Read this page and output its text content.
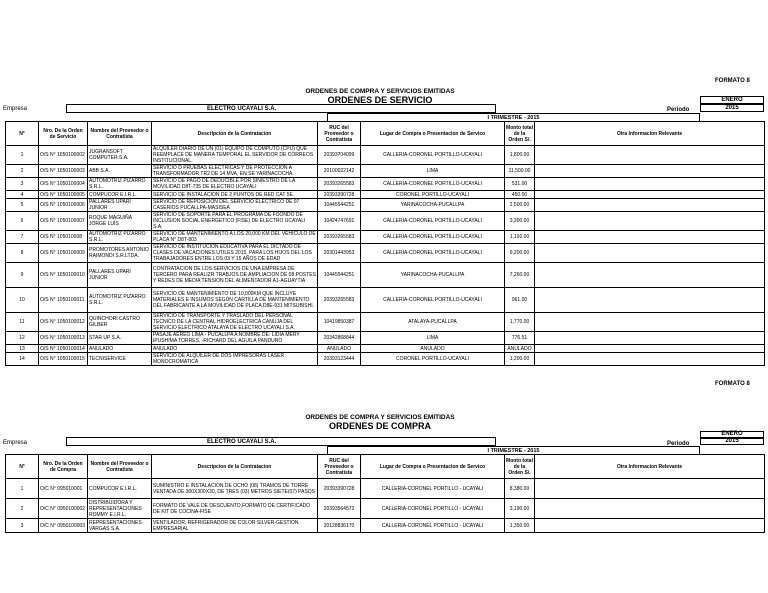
FORMATO 8
ORDENES DE COMPRA Y SERVICIOS EMITIDAS
ORDENES DE SERVICIO	ENERO
Empresa	ELECTRO UCAYALI S.A.	Periodo	2015
I TRIMESTRE - 2015
N°	Nro. De la Orden de Servicio	Nombre del Proveedor o Contratista	Descripcion de la Contratacion	RUC del Proveedor o Contratista	Lugar de Compra o Presentacion de Servico	Monto total de la Orden S/.	Otra Informacion Relevante
1	O/S N° 1050100002	JUGRANSOFT COMPUTER S.A.	ALQUILER DIARIO DE UN (01) EQUIPO DE COMPUTO (CPU) QUE REEMPLACE DE MANERA TEMPORAL EL SERVIDOR DE CORREOS INSTITUCIONAL.	20393704099	CALLERIA-CORONEL PORTILLO-UCAYALI	1,800.00	
2	O/S N° 1050100003	ABB S.A.	SERVICIO D PRUEBAS ELECTRICAS Y DE PROTECCION A TRANSFORMADOR TR2 DE 14 MVA, EN SE YARINACOCHA.	20100022142	LIMA	11,500.00	
3	O/S N° 1050100004	AUTOMOTRIZ PIZARRO S.R.L.	SERVICIO DE PAGO DE DEDUCIBLE POR SINIESTRO DE LA MOVILIDAD D8T-735 DE ELECTRO UCAYALI	20393265583	CALLERIA-CORONEL PORTILLO-UCAYALI	531.00	
4	O/S N° 1050100005	COMPUCOR E.I.R.L.	SERVICIO DE INSTALACION DE 2 PUNTOS DE RED CAT 5E.	20393390728	CORONEL PORTILLO-UCAYALI	450.00	
5	O/S N° 1050100006	PALLARES UPARI JUNIOR	SERVICIO DE REPOSICION DEL SERVICIO ELECTRICO DE 07 CASERIOS PUCALLPA-MASISEA	10445544251	YARINACOCHA-PUCALLPA	2,500.00	
6	O/S N° 1050100007	ROQUE MAGUIÑA JORGE LUIS	SERVICIO DE SOPORTE PARA EL PROGRAMA DE FOONDO DE INCLUSION SOCIAL ENERGETICO (FISE) DE ELECTRO UCAYALI S.A.	10424747691	CALLERIA-CORONEL PORTILLO-UCAYALI	3,300.00	
7	O/S N° 105010008	AUTOMOTRIZ PIZARRO S.R.L.	SERVICIO DE MANTENIMIENTO A LOS 20,000 KM DEL VEHICULO DE PLACA N° D8T-803	20393265583	CALLERIA-CORONEL PORTILLO-UCAYALI	1,192.00	
8	O/S N° 1050100009	PROMOTORES ANTONIO RAIMONDI S.R.LTDA.	SERVICIO DE INSTITUCION EDUCATIVA PARA EL DICTADO DE CLASES DE VACACIONES UTILES 2015, PARA LOS HIJOS DEL LOS TRABAJADORES ENTRE LOS 03 Y 15 AÑOS DE EDAD	20301443953	CALLERIA-CORONEL PORTILLO-UCAYALI	9,200.00	
9	O/S N° 1050100010	PALLARES UPARI JUNIOR	CONTRATACION DE LOS SERVICIOS DE UNA EMPRESA DE TERCERO PARA REALIZR TRABJOS DE AMPLIACION DE 08 POSTES Y REDES DE MEDIA TENSION DEL ALIMENTADOR A1-AGUAYTIA	10445544251	YARINACOCHA-PUCALLPA	7,260.00	
10	O/S N° 1050100011	AUTOMOTRIZ PIZARRO S.R.L.	SERVICIO DE MANTENIMIENTO DE 10,000KM QUE INCLUYE MATERIALES E INSUMOS SEGÚN CARTILLA DE MANTENIMIENTO DEL FABRICANTE A LA MOVILIDAD DE PLACA D8E-931 MITSUBISHI.	20393265583	CALLERIA-CORONEL PORTILLO-UCAYALI	961.00	
11	O/S N° 1050100012	QUINCHORI CASTRO GILBER	SERVICIO DE TRANSPORTE Y TRASLADO DEL PERSONAL TECNICO DE LA CENTRAL HIDROELECTRICA CANUJA DEL SERVICIO ELECTRICO ATALAYA DE ELECTRO UCAYALI S.A.	10419850387	ATALAYA-PUCALLPA	1,770.00	
12	O/S N° 1050100013	STAR UP S.A.	PASAJE AEREO LIMA - PUCALLPA A NOMBRE DE: LIDIA MERY IPUSHIMA TORRES, -RICHARD DEL AGUILA PANDURO	20342868844	LIMA	776.51	
13	O/S N° 1050100014	ANULADO	ANULADO	ANULADO	ANULADO	ANULADO	
14	O/S N° 1050100015	TECNISERVICE	SERVICIO DE ALQUILER DE DOS IMPRESORAS LASER MONOCROMATICA	20393123444	CORONEL PORTILLO-UCAYALI	1,200.00	
FORMATO 8
ORDENES DE COMPRA Y SERVICIOS EMITIDAS
ORDENES DE COMPRA
ENERO
Empresa	ELECTRO UCAYALI S.A.	Periodo	2015
I TRIMESTRE - 2015
N°	Nro. De la Orden de Compra	Nombre del Proveedor o Contratista	Descripcion de la Contratacion	RUC del Proveedor o Contratista	Lugar de Compra o Presentacion de Servico	Monto total de la Orden S/.	Otra Informacion Relevante
1	O/C N° 095010001	COMPUCOR E.I.R.L.	SUMINISTRO E INSTALACION DE OCHO (08) TRAMOS DE TORRE VENTADA DE 300X300X30, DE TRES (03) METROS SIETE(07) PASOS	20393390728	CALLERIA-CORONEL PORTILLO - UCAYALI	8,380.00	
2	O/C N° 0950100002	DISTRIBUIDORA Y REPRESENTACIONES ROMMY E.I.R.L.	FORMATO DE VALE DE DESCUENTO,FORMATO DE CERTIFICADO DE KIT DE COCINA-FISE	20393564572	CALLERIA-CORONEL PORTILLO - UCAYALI	3,190.00	
3	O/C N° 0950100003	REPRESENTACIONES VARGAS S.A.	VENTILADOR, REFRIGERADOR DE COLOR SILVER-GESTION EMPRESARIAL	20128836170	CALLERIA-CORONEL PORTILLO - UCAYALI	1,350.00	
